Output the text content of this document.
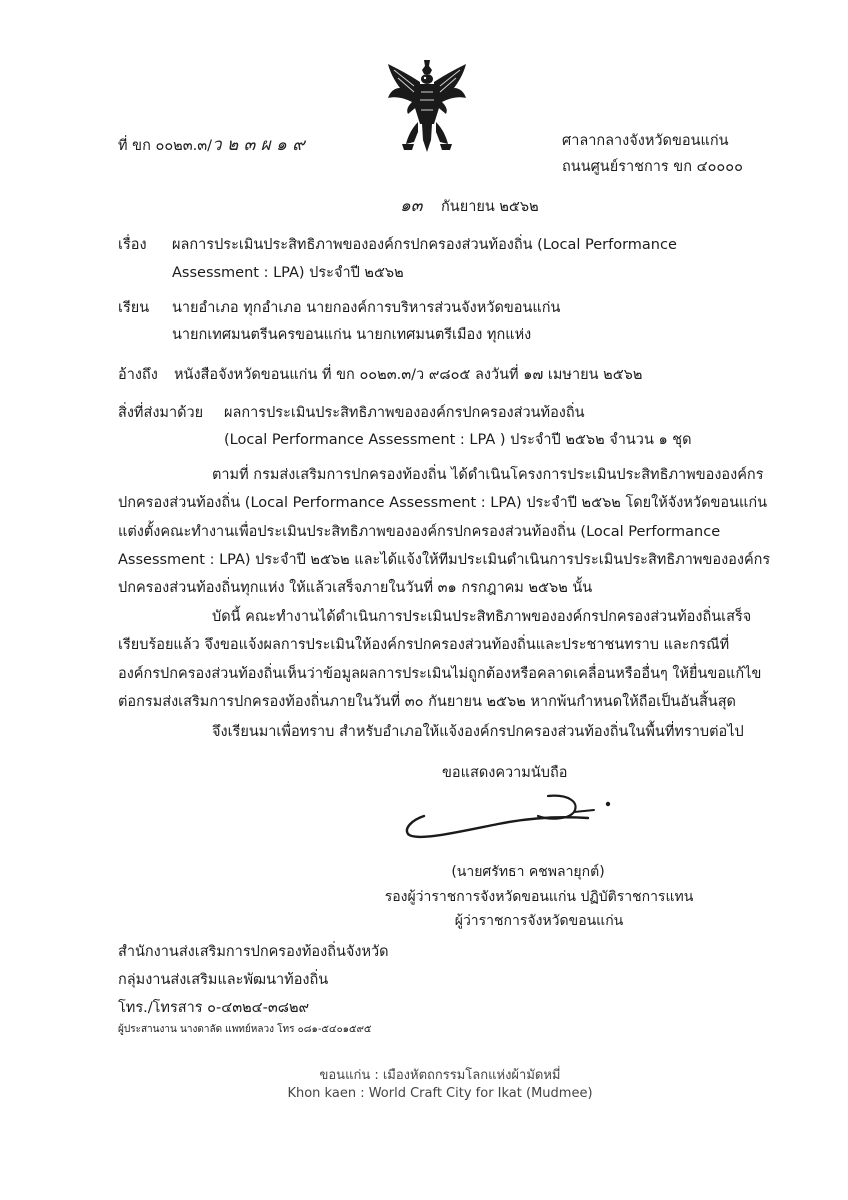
ที่ ขก ๐๐๒๓.๓/ว ๒ ๓ ผ ๑ ๙	ศาลากลางจังหวัดขอนแก่น
ถนนศูนย์ราชการ ขก ๔๐๐๐๐
๑๓ กันยายน ๒๕๖๒
เรื่อง ผลการประเมินประสิทธิภาพขององค์กรปกครองส่วนท้องถิ่น (Local Performance
Assessment : LPA) ประจำปี ๒๕๖๒
เรียน นายอำเภอ ทุกอำเภอ นายกองค์การบริหารส่วนจังหวัดขอนแก่น
นายกเทศมนตรีนครขอนแก่น นายกเทศมนตรีเมือง ทุกแห่ง
อ้างถึง หนังสือจังหวัดขอนแก่น ที่ ขก ๐๐๒๓.๓/ว ๙๘๐๕ ลงวันที่ ๑๗ เมษายน ๒๕๖๒
สิ่งที่ส่งมาด้วย ผลการประเมินประสิทธิภาพขององค์กรปกครองส่วนท้องถิ่น
(Local Performance Assessment : LPA ) ประจำปี ๒๕๖๒ จำนวน ๑ ชุด
ตามที่ กรมส่งเสริมการปกครองท้องถิ่น ได้ดำเนินโครงการประเมินประสิทธิภาพขององค์กร
ปกครองส่วนท้องถิ่น (Local Performance Assessment : LPA) ประจำปี ๒๕๖๒ โดยให้จังหวัดขอนแก่น
แต่งตั้งคณะทำงานเพื่อประเมินประสิทธิภาพขององค์กรปกครองส่วนท้องถิ่น (Local Performance
Assessment : LPA) ประจำปี ๒๕๖๒ และได้แจ้งให้ทีมประเมินดำเนินการประเมินประสิทธิภาพขององค์กร
ปกครองส่วนท้องถิ่นทุกแห่ง ให้แล้วเสร็จภายในวันที่ ๓๑ กรกฎาคม ๒๕๖๒ นั้น
บัดนี้ คณะทำงานได้ดำเนินการประเมินประสิทธิภาพขององค์กรปกครองส่วนท้องถิ่นเสร็จ
เรียบร้อยแล้ว จึงขอแจ้งผลการประเมินให้องค์กรปกครองส่วนท้องถิ่นและประชาชนทราบ และกรณีที่
องค์กรปกครองส่วนท้องถิ่นเห็นว่าข้อมูลผลการประเมินไม่ถูกต้องหรือคลาดเคลื่อนหรืออื่นๆ ให้ยื่นขอแก้ไข
ต่อกรมส่งเสริมการปกครองท้องถิ่นภายในวันที่ ๓๐ กันยายน ๒๕๖๒ หากพ้นกำหนดให้ถือเป็นอันสิ้นสุด
จึงเรียนมาเพื่อทราบ สำหรับอำเภอให้แจ้งองค์กรปกครองส่วนท้องถิ่นในพื้นที่ทราบต่อไป
ขอแสดงความนับถือ
(นายศรัทธา คชพลายุกต์)
รองผู้ว่าราชการจังหวัดขอนแก่น ปฏิบัติราชการแทน
ผู้ว่าราชการจังหวัดขอนแก่น
สำนักงานส่งเสริมการปกครองท้องถิ่นจังหวัด
กลุ่มงานส่งเสริมและพัฒนาท้องถิ่น
โทร./โทรสาร ๐-๔๓๒๔-๓๘๒๙
ผู้ประสานงาน นางดาลัด แพทย์หลวง โทร ๐๘๑-๕๔๐๑๕๙๕
ขอนแก่น : เมืองหัตถกรรมโลกแห่งผ้ามัดหมี่
Khon kaen : World Craft City for Ikat (Mudmee)
